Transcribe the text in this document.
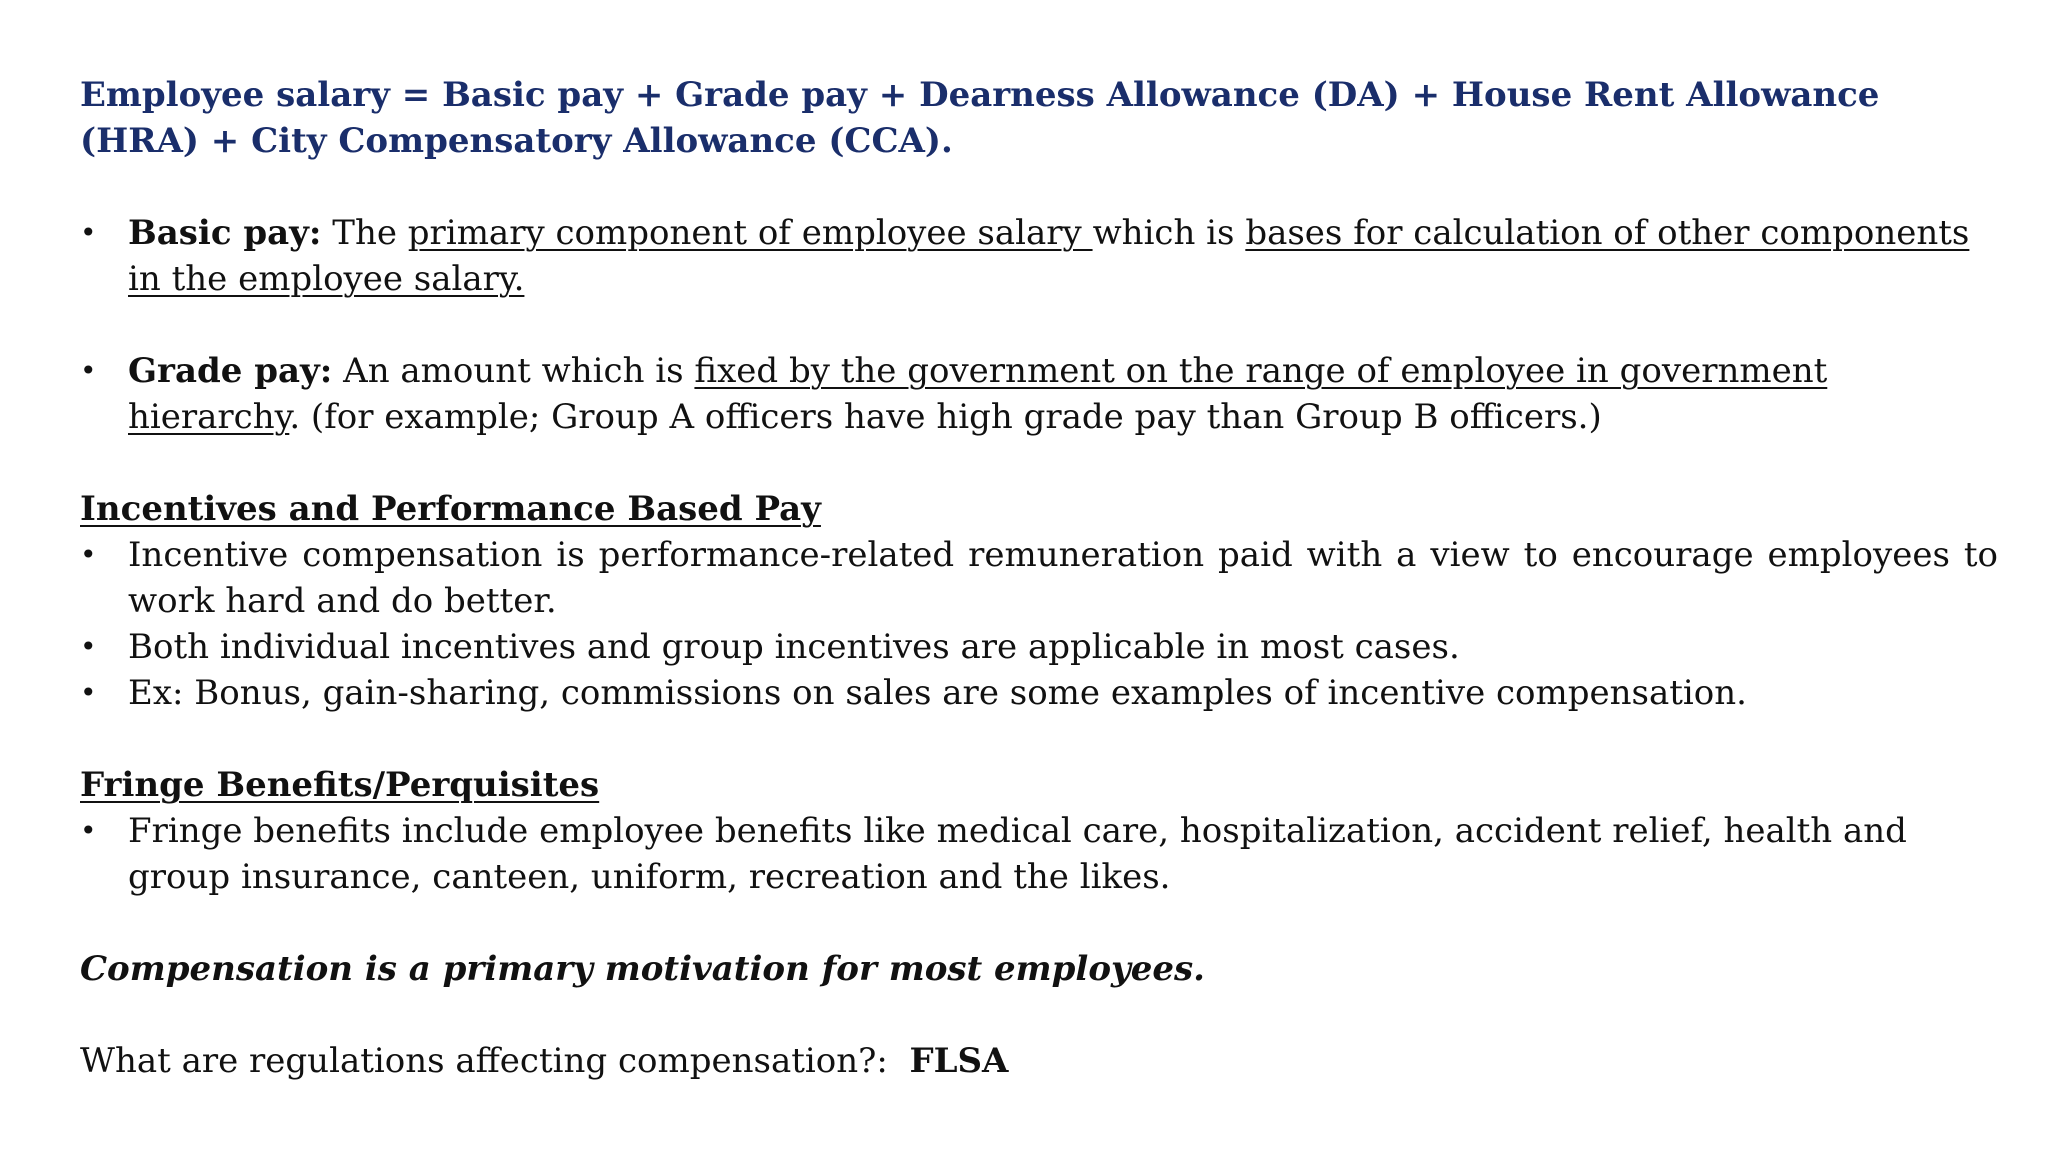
Employee salary = Basic pay + Grade pay + Dearness Allowance (DA) + House Rent Allowance (HRA) + City Compensatory Allowance (CCA).

• Basic pay: The primary component of employee salary which is bases for calculation of other components in the employee salary.
• Grade pay: An amount which is fixed by the government on the range of employee in government hierarchy. (for example; Group A officers have high grade pay than Group B officers.)

Incentives and Performance Based Pay

• Incentive compensation is performance-related remuneration paid with a view to encourage employees to work hard and do better.
• Both individual incentives and group incentives are applicable in most cases.
• Ex: Bonus, gain-sharing, commissions on sales are some examples of incentive compensation.

Fringe Benefits/Perquisites

• Fringe benefits include employee benefits like medical care, hospitalization, accident relief, health and group insurance, canteen, uniform, recreation and the likes.

Compensation is a primary motivation for most employees.

What are regulations affecting compensation?:  FLSA
